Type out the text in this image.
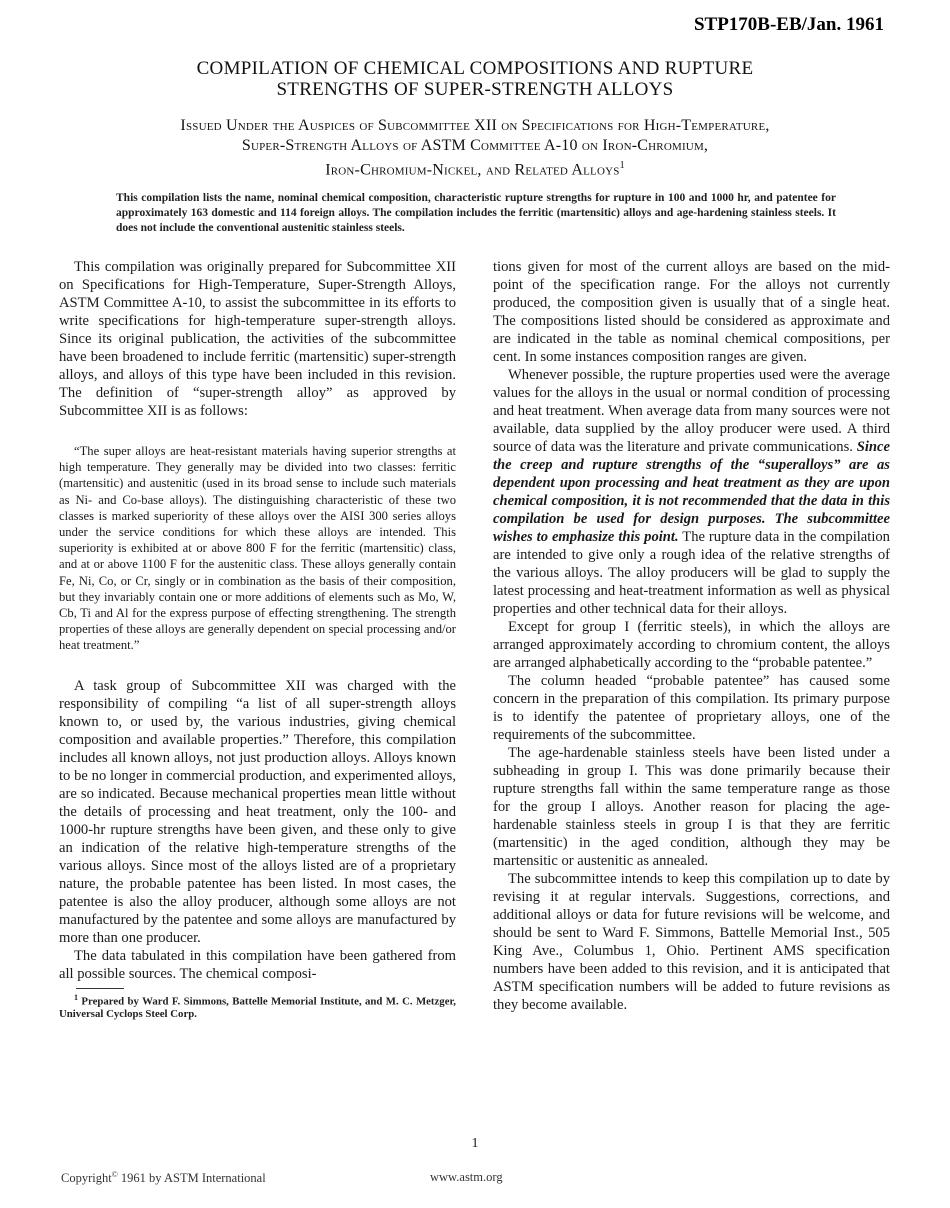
STP170B-EB/Jan. 1961
COMPILATION OF CHEMICAL COMPOSITIONS AND RUPTURE
STRENGTHS OF SUPER-STRENGTH ALLOYS
Issued Under the Auspices of Subcommittee XII on Specifications for High-Temperature,
Super-Strength Alloys of ASTM Committee A-10 on Iron-Chromium,
Iron-Chromium-Nickel, and Related Alloys$^1$
This compilation lists the name, nominal chemical composition, characteristic rupture strengths for rupture in 100 and 1000 hr, and patentee for approximately 163 domestic and 114 foreign alloys. The compilation includes the ferritic (martensitic) alloys and age-hardening stainless steels. It does not include the conventional austenitic stainless steels.

This compilation was originally prepared for Subcommittee XII on Specifications for High-Temperature, Super-Strength Alloys, ASTM Committee A-10, to assist the subcommittee in its efforts to write specifications for high-temperature super-strength alloys. Since its original publication, the activities of the subcommittee have been broadened to include ferritic (martensitic) super-strength alloys, and alloys of this type have been included in this revision. The definition of “super-strength alloy” as approved by Subcommittee XII is as follows:

“The super alloys are heat-resistant materials having superior strengths at high temperature. They generally may be divided into two classes: ferritic (martensitic) and austenitic (used in its broad sense to include such materials as Ni- and Co-base alloys). The distinguishing characteristic of these two classes is marked superiority of these alloys over the AISI 300 series alloys under the service conditions for which these alloys are intended. This superiority is exhibited at or above 800 F for the ferritic (martensitic) class, and at or above 1100 F for the austenitic class. These alloys generally contain Fe, Ni, Co, or Cr, singly or in combination as the basis of their composition, but they invariably contain one or more additions of elements such as Mo, W, Cb, Ti and Al for the express purpose of effecting strengthening. The strength properties of these alloys are generally dependent on special processing and/or heat treatment.”

A task group of Subcommittee XII was charged with the responsibility of compiling “a list of all super-strength alloys known to, or used by, the various industries, giving chemical composition and available properties.” Therefore, this compilation includes all known alloys, not just production alloys. Alloys known to be no longer in commercial production, and experimented alloys, are so indicated. Because mechanical properties mean little without the details of processing and heat treatment, only the 100- and 1000-hr rupture strengths have been given, and these only to give an indication of the relative high-temperature strengths of the various alloys. Since most of the alloys listed are of a proprietary nature, the probable patentee has been listed. In most cases, the patentee is also the alloy producer, although some alloys are not manufactured by the patentee and some alloys are manufactured by more than one producer.

The data tabulated in this compilation have been gathered from all possible sources. The chemical composi-

$^1$ Prepared by Ward F. Simmons, Battelle Memorial Institute, and M. C. Metzger, Universal Cyclops Steel Corp.

tions given for most of the current alloys are based on the mid-point of the specification range. For the alloys not currently produced, the composition given is usually that of a single heat. The compositions listed should be considered as approximate and are indicated in the table as nominal chemical compositions, per cent. In some instances composition ranges are given.

Whenever possible, the rupture properties used were the average values for the alloys in the usual or normal condition of processing and heat treatment. When average data from many sources were not available, data supplied by the alloy producer were used. A third source of data was the literature and private communications. Since the creep and rupture strengths of the “superalloys” are as dependent upon processing and heat treatment as they are upon chemical composition, it is not recommended that the data in this compilation be used for design purposes. The subcommittee wishes to emphasize this point. The rupture data in the compilation are intended to give only a rough idea of the relative strengths of the various alloys. The alloy producers will be glad to supply the latest processing and heat-treatment information as well as physical properties and other technical data for their alloys.

Except for group I (ferritic steels), in which the alloys are arranged approximately according to chromium content, the alloys are arranged alphabetically according to the “probable patentee.”

The column headed “probable patentee” has caused some concern in the preparation of this compilation. Its primary purpose is to identify the patentee of proprietary alloys, one of the requirements of the subcommittee.

The age-hardenable stainless steels have been listed under a subheading in group I. This was done primarily because their rupture strengths fall within the same temperature range as those for the group I alloys. Another reason for placing the age-hardenable stainless steels in group I is that they are ferritic (martensitic) in the aged condition, although they may be martensitic or austenitic as annealed.

The subcommittee intends to keep this compilation up to date by revising it at regular intervals. Suggestions, corrections, and additional alloys or data for future revisions will be welcome, and should be sent to Ward F. Simmons, Battelle Memorial Inst., 505 King Ave., Columbus 1, Ohio. Pertinent AMS specification numbers have been added to this revision, and it is anticipated that ASTM specification numbers will be added to future revisions as they become available.

1
Copyright© 1961 by ASTM International	www.astm.org
